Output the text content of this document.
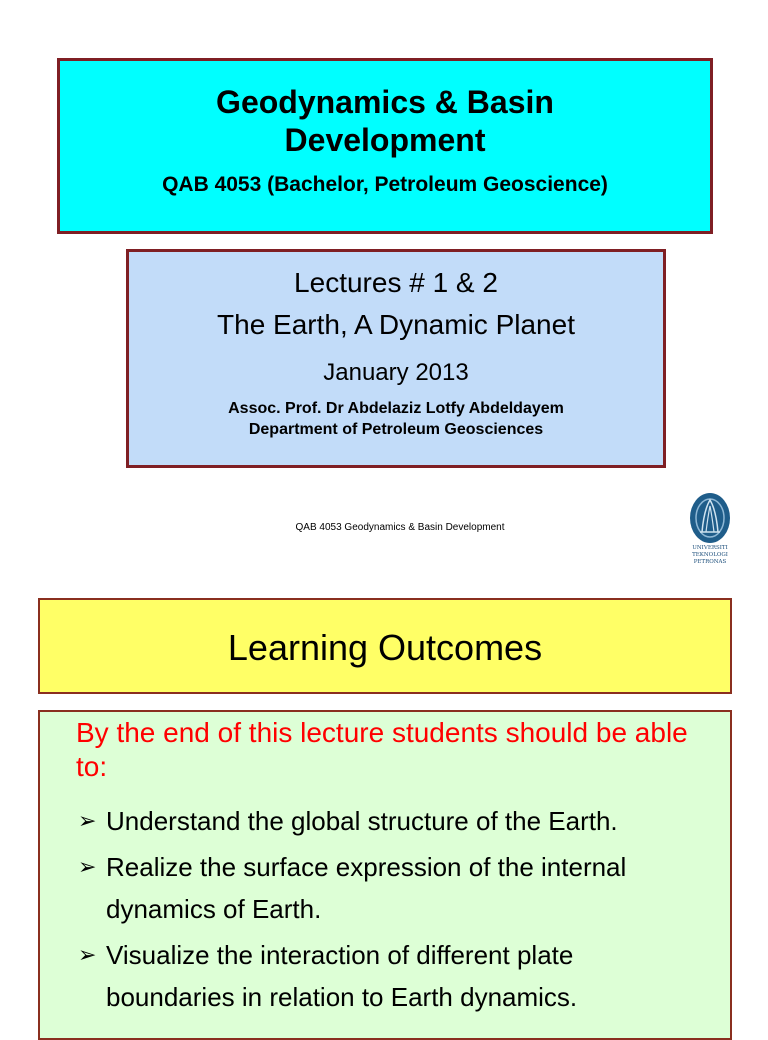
Geodynamics & Basin
Development
QAB 4053 (Bachelor, Petroleum Geoscience)
Lectures # 1 & 2
The Earth, A Dynamic Planet
January 2013
Assoc. Prof. Dr Abdelaziz Lotfy Abdeldayem
Department of Petroleum Geosciences
QAB 4053 Geodynamics & Basin Development
UNIVERSITI
TEKNOLOGI
PETRONAS
Learning Outcomes

By the end of this lecture students should be able to:

➢ Understand the global structure of the Earth.
➢ Realize the surface expression of the internal
dynamics of Earth.
➢ Visualize the interaction of different plate
boundaries in relation to Earth dynamics.
